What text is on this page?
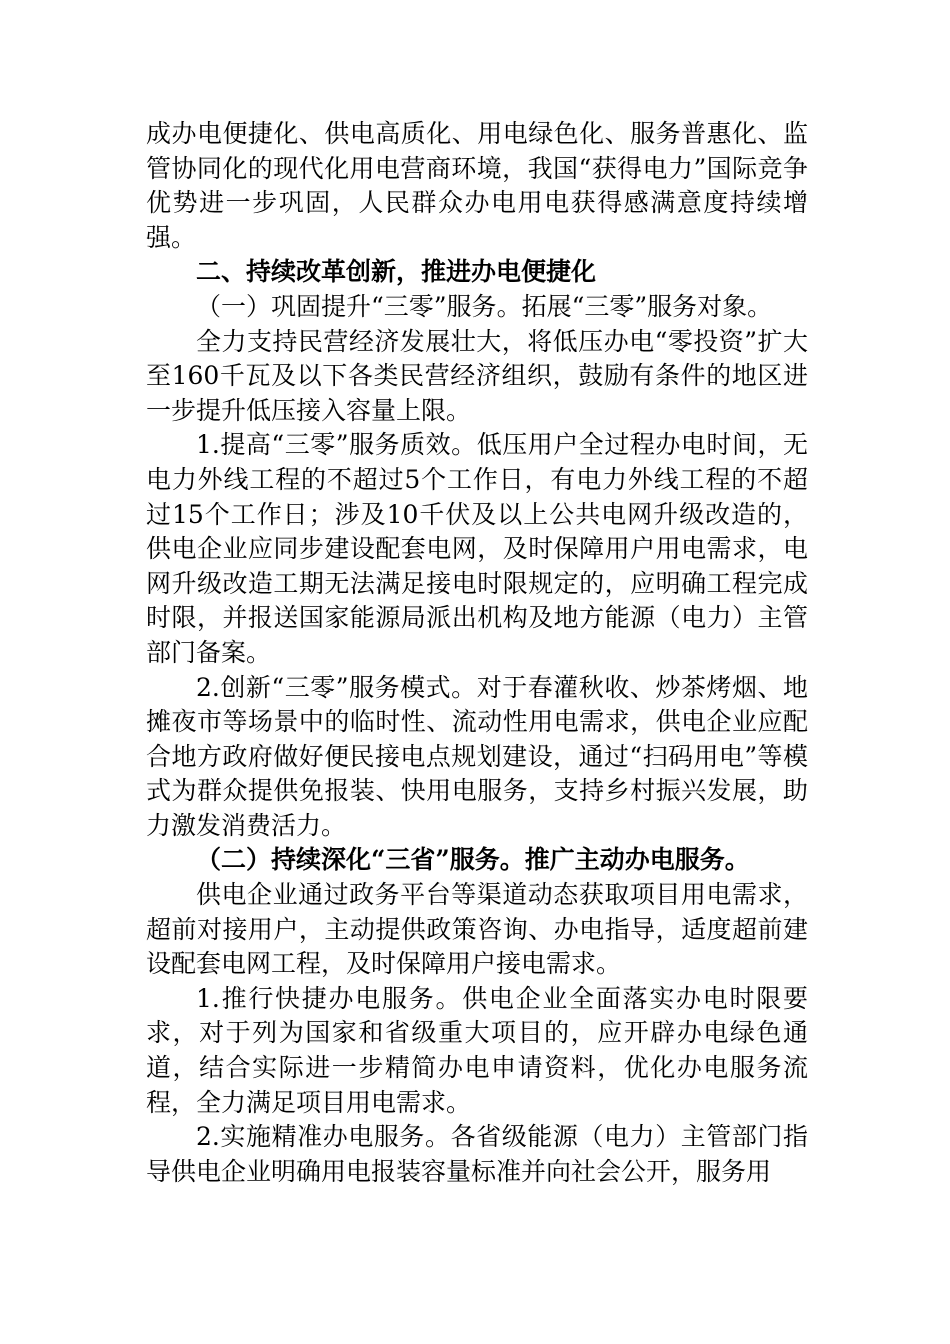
成办电便捷化、供电高质化、用电绿色化、服务普惠化、监管协同化的现代化用电营商环境，我国“获得电力”国际竞争优势进一步巩固，人民群众办电用电获得感满意度持续增强。

二、持续改革创新，推进办电便捷化

（一）巩固提升“三零”服务。拓展“三零”服务对象。

全力支持民营经济发展壮大，将低压办电“零投资”扩大至160千瓦及以下各类民营经济组织，鼓励有条件的地区进一步提升低压接入容量上限。

1.提高“三零”服务质效。低压用户全过程办电时间，无电力外线工程的不超过5个工作日，有电力外线工程的不超过15个工作日；涉及10千伏及以上公共电网升级改造的，供电企业应同步建设配套电网，及时保障用户用电需求，电网升级改造工期无法满足接电时限规定的，应明确工程完成时限，并报送国家能源局派出机构及地方能源（电力）主管部门备案。

2.创新“三零”服务模式。对于春灌秋收、炒茶烤烟、地摊夜市等场景中的临时性、流动性用电需求，供电企业应配合地方政府做好便民接电点规划建设，通过“扫码用电”等模式为群众提供免报装、快用电服务，支持乡村振兴发展，助力激发消费活力。

（二）持续深化“三省”服务。推广主动办电服务。

供电企业通过政务平台等渠道动态获取项目用电需求，超前对接用户，主动提供政策咨询、办电指导，适度超前建设配套电网工程，及时保障用户接电需求。

1.推行快捷办电服务。供电企业全面落实办电时限要求，对于列为国家和省级重大项目的，应开辟办电绿色通道，结合实际进一步精简办电申请资料，优化办电服务流程，全力满足项目用电需求。

2.实施精准办电服务。各省级能源（电力）主管部门指导供电企业明确用电报装容量标准并向社会公开，服务用
